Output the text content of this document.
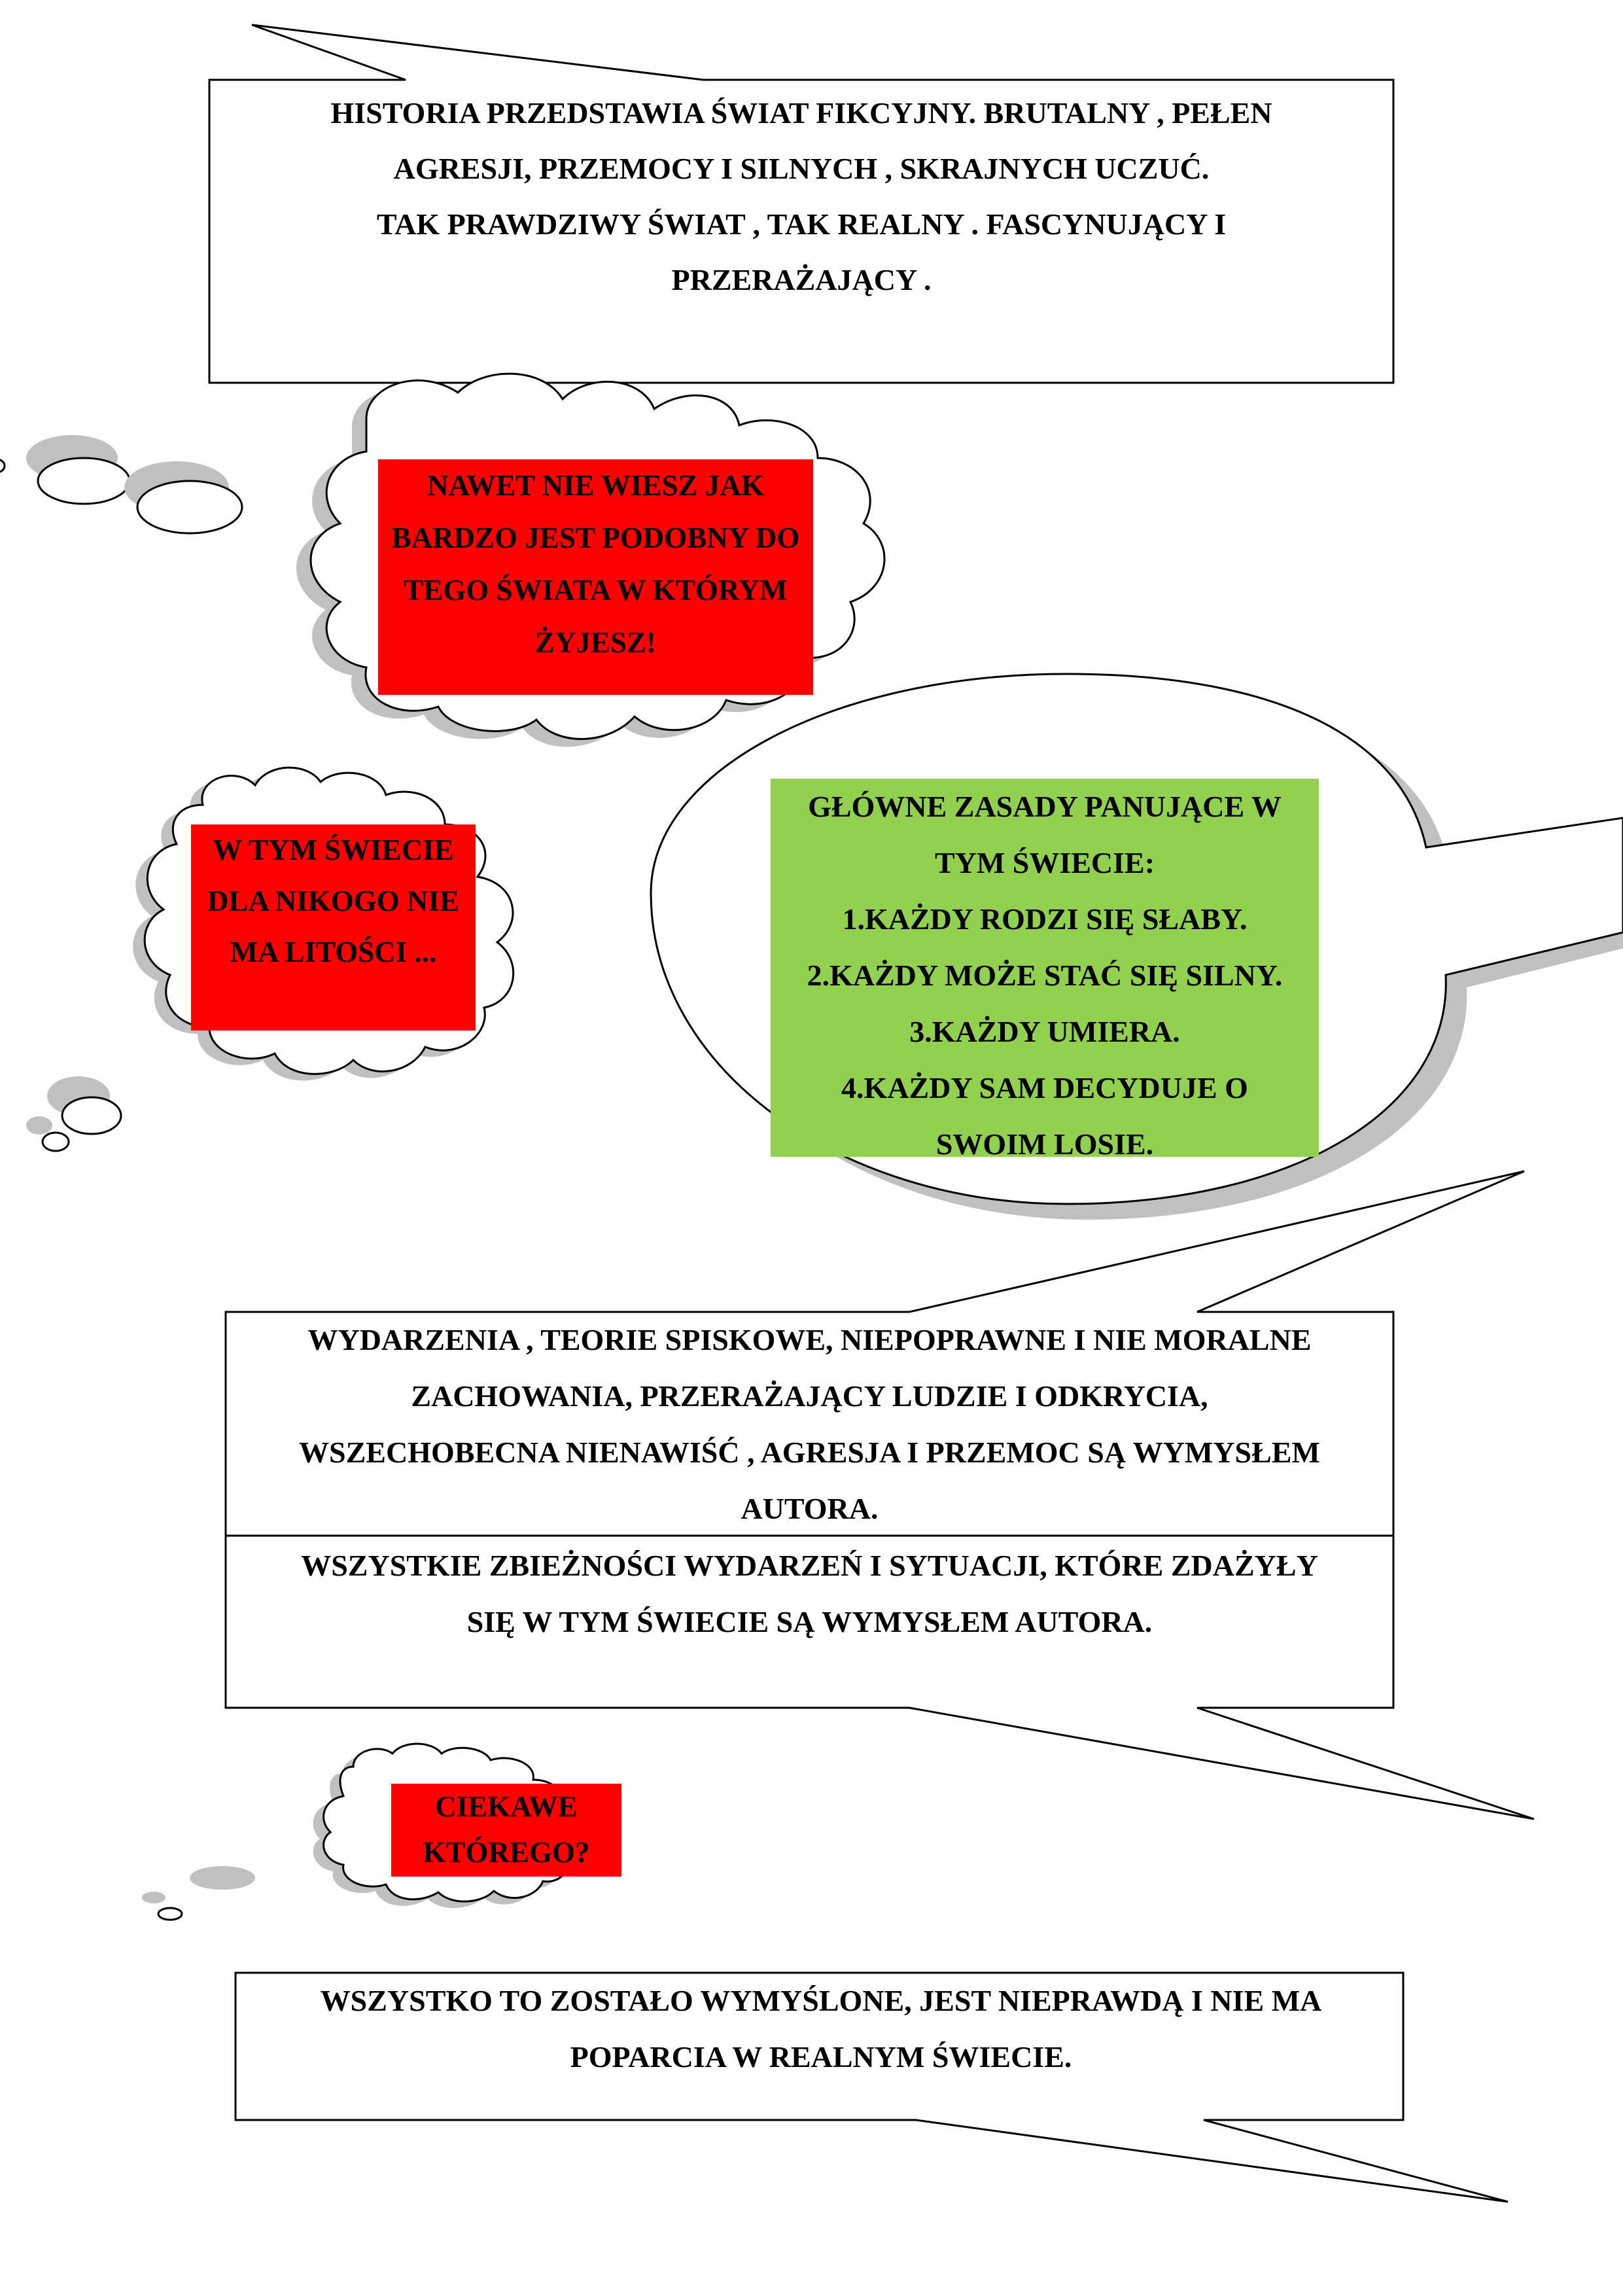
HISTORIA PRZEDSTAWIA ŚWIAT FIKCYJNY. BRUTALNY , PEŁEN
AGRESJI, PRZEMOCY I SILNYCH , SKRAJNYCH UCZUĆ.
TAK PRAWDZIWY ŚWIAT , TAK REALNY . FASCYNUJĄCY I
PRZERAŻAJĄCY .
NAWET NIE WIESZ JAK
BARDZO JEST PODOBNY DO
TEGO ŚWIATA W KTÓRYM
ŻYJESZ!
W TYM ŚWIECIE
DLA NIKOGO NIE
MA LITOŚCI ...
GŁÓWNE ZASADY PANUJĄCE W
TYM ŚWIECIE:
1.KAŻDY RODZI SIĘ SŁABY.
2.KAŻDY MOŻE STAĆ SIĘ SILNY.
3.KAŻDY UMIERA.
4.KAŻDY SAM DECYDUJE O
SWOIM LOSIE.
WYDARZENIA , TEORIE SPISKOWE, NIEPOPRAWNE I NIE MORALNE
ZACHOWANIA, PRZERAŻAJĄCY LUDZIE I ODKRYCIA,
WSZECHOBECNA NIENAWIŚĆ , AGRESJA I PRZEMOC SĄ WYMYSŁEM
AUTORA.
WSZYSTKIE ZBIEŻNOŚCI WYDARZEŃ I SYTUACJI, KTÓRE ZDAŻYŁY
SIĘ W TYM ŚWIECIE SĄ WYMYSŁEM AUTORA.
CIEKAWE
KTÓREGO?
WSZYSTKO TO ZOSTAŁO WYMYŚLONE, JEST NIEPRAWDĄ I NIE MA
POPARCIA W REALNYM ŚWIECIE.
